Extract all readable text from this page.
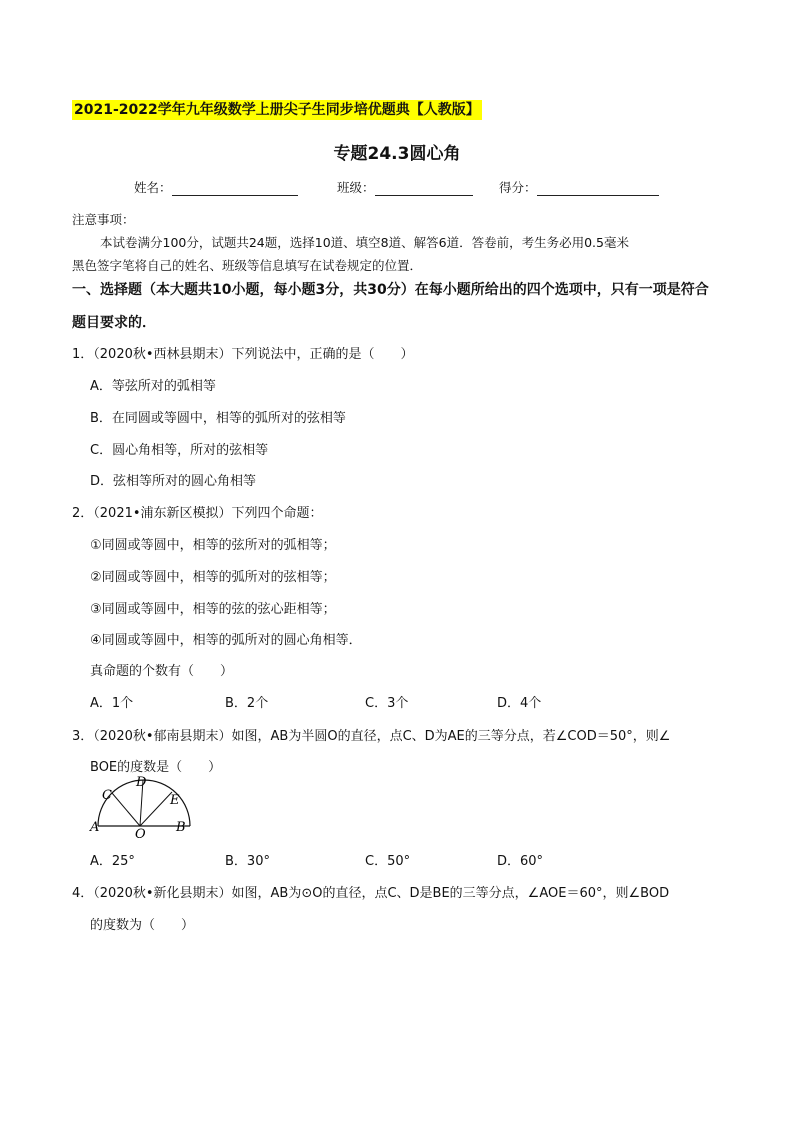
2021-2022学年九年级数学上册尖子生同步培优题典【人教版】
专题24.3圆心角
姓名：	班级：	得分：
注意事项：
本试卷满分100分，试题共24题，选择10道、填空8道、解答6道．答卷前，考生务必用0.5毫米
黑色签字笔将自己的姓名、班级等信息填写在试卷规定的位置．
一、选择题（本大题共10小题，每小题3分，共30分）在每小题所给出的四个选项中，只有一项是符合
题目要求的．
1．（2020秋•西林县期末）下列说法中，正确的是（　　）
A．等弦所对的弧相等
B．在同圆或等圆中，相等的弧所对的弦相等
C．圆心角相等，所对的弦相等
D．弦相等所对的圆心角相等
2．（2021•浦东新区模拟）下列四个命题：
①同圆或等圆中，相等的弦所对的弧相等；
②同圆或等圆中，相等的弧所对的弦相等；
③同圆或等圆中，相等的弦的弦心距相等；
④同圆或等圆中，相等的弧所对的圆心角相等．
真命题的个数有（　　）
A．1个	B．2个	C．3个	D．4个
3．（2020秋•郁南县期末）如图，AB为半圆O的直径，点C、D为AE的三等分点，若∠COD＝50°，则∠
BOE的度数是（　　）
A	B
C
D
E
O
A．25°	B．30°	C．50°	D．60°
4．（2020秋•新化县期末）如图，AB为⊙O的直径，点C、D是BE的三等分点，∠AOE＝60°，则∠BOD
的度数为（　　）
